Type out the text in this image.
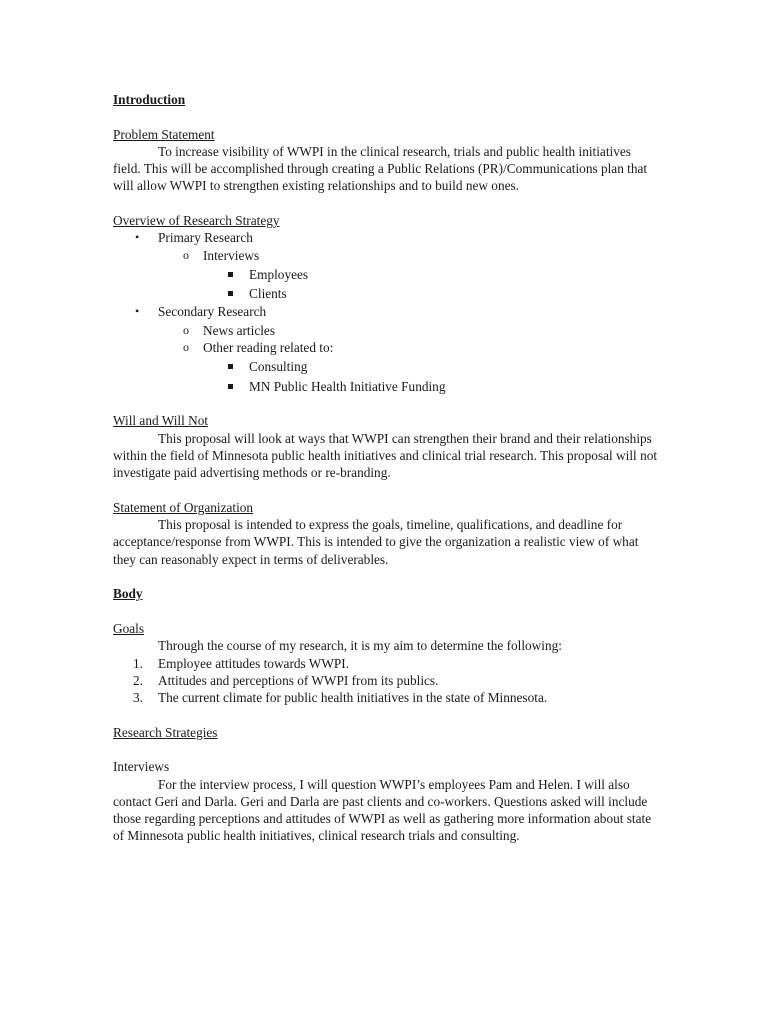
Introduction

Problem Statement

To increase visibility of WWPI in the clinical research, trials and public health initiatives field. This will be accomplished through creating a Public Relations (PR)/Communications plan that will allow WWPI to strengthen existing relationships and to build new ones.

Overview of Research Strategy

•
Primary Research
o
Interviews
Employees
Clients
•
Secondary Research
o
News articles
o
Other reading related to:
Consulting
MN Public Health Initiative Funding

Will and Will Not

This proposal will look at ways that WWPI can strengthen their brand and their relationships within the field of Minnesota public health initiatives and clinical trial research. This proposal will not investigate paid advertising methods or re-branding.

Statement of Organization

This proposal is intended to express the goals, timeline, qualifications, and deadline for acceptance/response from WWPI. This is intended to give the organization a realistic view of what they can reasonably expect in terms of deliverables.

Body

Goals

Through the course of my research, it is my aim to determine the following:

1. Employee attitudes towards WWPI.
2. Attitudes and perceptions of WWPI from its publics.
3. The current climate for public health initiatives in the state of Minnesota.

Research Strategies

Interviews

For the interview process, I will question WWPI’s employees Pam and Helen. I will also contact Geri and Darla. Geri and Darla are past clients and co-workers. Questions asked will include those regarding perceptions and attitudes of WWPI as well as gathering more information about state of Minnesota public health initiatives, clinical research trials and consulting.
